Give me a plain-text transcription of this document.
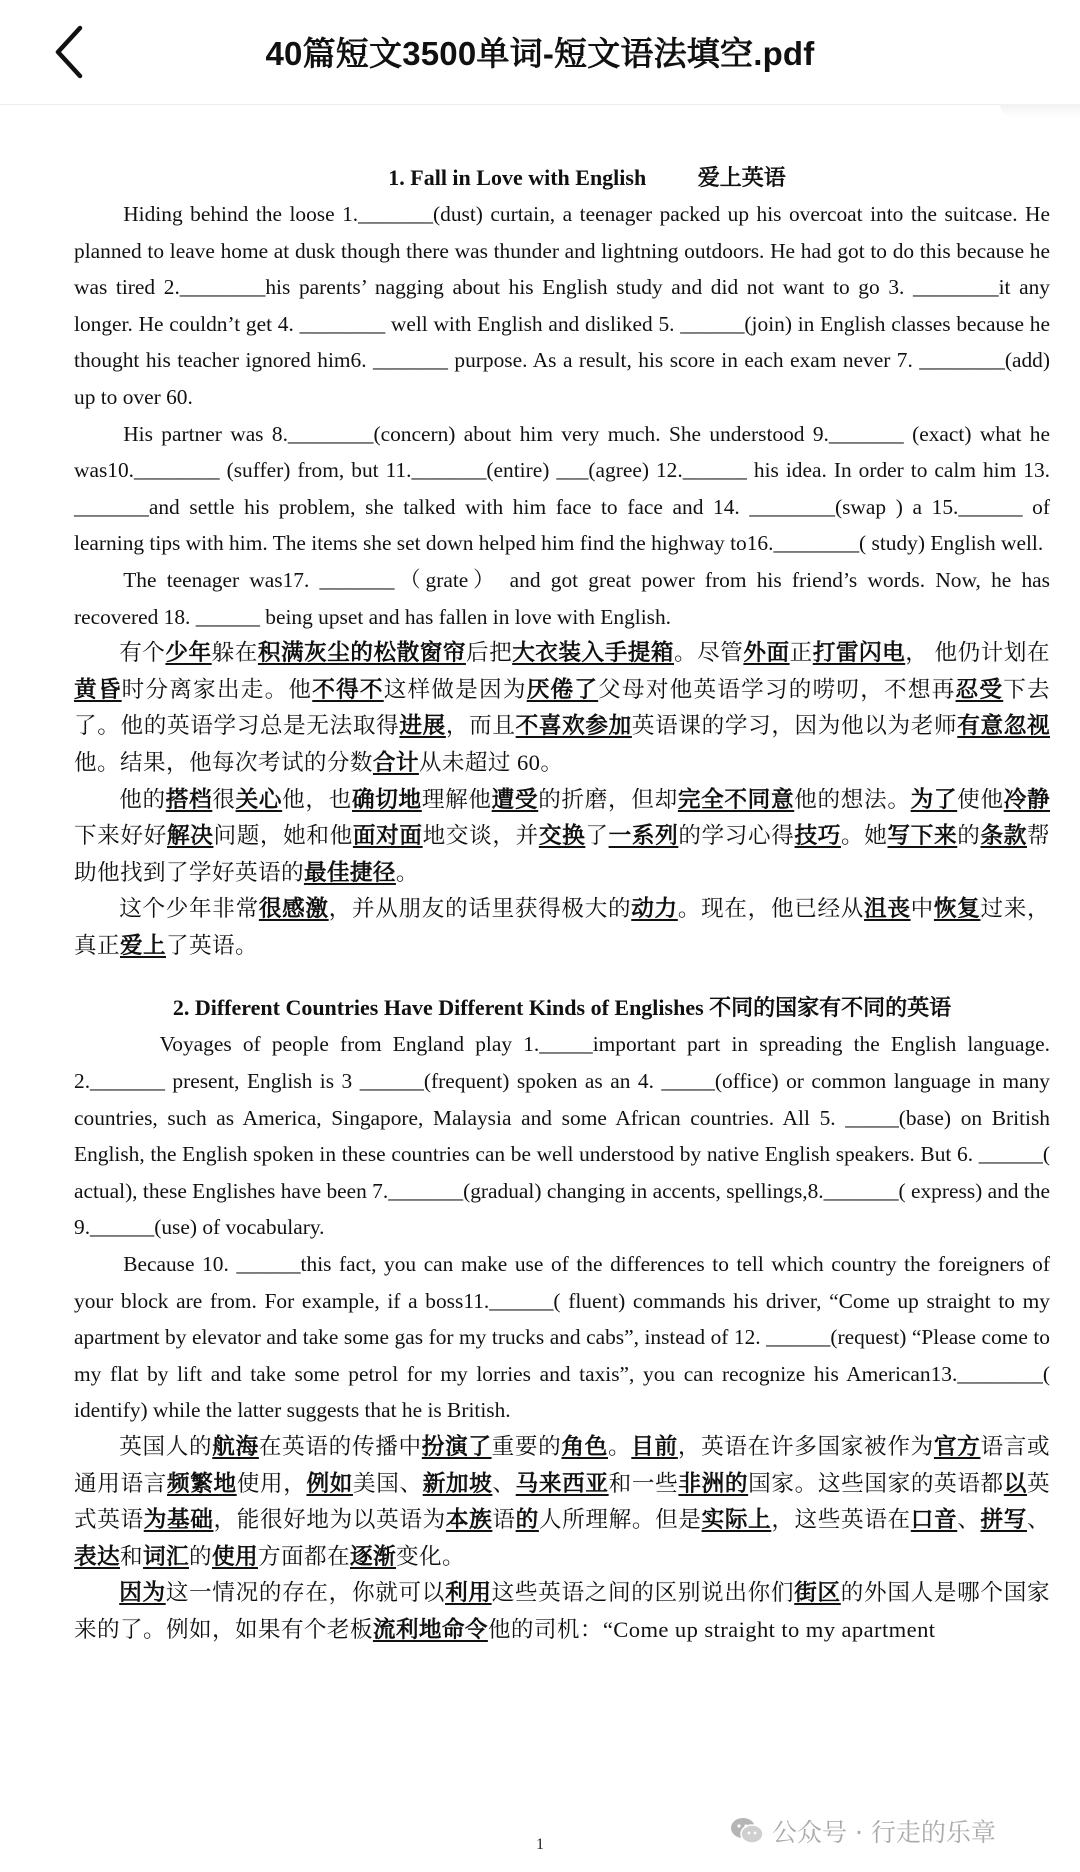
40篇短文3500单词-短文语法填空.pdf
1. Fall in Love with English 爱上英语

Hiding behind the loose 1._______(dust) curtain, a teenager packed up his overcoat into the suitcase. He planned to leave home at dusk though there was thunder and lightning outdoors. He had got to do this because he was tired 2.________his parents’ nagging about his English study and did not want to go 3. ________it any longer. He couldn’t get 4. ________ well with English and disliked 5. ______(join) in English classes because he thought his teacher ignored him6. _______ purpose. As a result, his score in each exam never 7. ________(add) up to over 60.

His partner was 8.________(concern) about him very much. She understood 9._______ (exact) what he was10.________ (suffer) from, but 11._______(entire) ___(agree) 12.______ his idea. In order to calm him 13. _______and settle his problem, she talked with him face to face and 14. ________(swap ) a 15.______ of learning tips with him. The items she set down helped him find the highway to16.________( study) English well.

The teenager was17. _______（grate） and got great power from his friend’s words. Now, he has recovered 18. ______ being upset and has fallen in love with English.

有个少年躲在积满灰尘的松散窗帘后把大衣装入手提箱。尽管外面正打雷闪电， 他仍计划在黄昏时分离家出走。他不得不这样做是因为厌倦了父母对他英语学习的唠叨，不想再忍受下去了。他的英语学习总是无法取得进展，而且不喜欢参加英语课的学习，因为他以为老师有意忽视他。结果，他每次考试的分数合计从未超过 60。

他的搭档很关心他，也确切地理解他遭受的折磨，但却完全不同意他的想法。为了使他冷静下来好好解决问题，她和他面对面地交谈，并交换了一系列的学习心得技巧。她写下来的条款帮助他找到了学好英语的最佳捷径。

这个少年非常很感激，并从朋友的话里获得极大的动力。现在，他已经从沮丧中恢复过来，真正爱上了英语。

2. Different Countries Have Different Kinds of Englishes 不同的国家有不同的英语

Voyages of people from England play 1._____important part in spreading the English language. 2._______ present, English is 3 ______(frequent) spoken as an 4. _____(office) or common language in many countries, such as America, Singapore, Malaysia and some African countries. All 5. _____(base) on British English, the English spoken in these countries can be well understood by native English speakers. But 6. ______( actual), these Englishes have been 7._______(gradual) changing in accents, spellings,8._______( express) and the 9.______(use) of vocabulary.

Because 10. ______this fact, you can make use of the differences to tell which country the foreigners of your block are from. For example, if a boss11.______( fluent) commands his driver, “Come up straight to my apartment by elevator and take some gas for my trucks and cabs”, instead of 12. ______(request) “Please come to my flat by lift and take some petrol for my lorries and taxis”, you can recognize his American13.________( identify) while the latter suggests that he is British.

英国人的航海在英语的传播中扮演了重要的角色。目前，英语在许多国家被作为官方语言或通用语言频繁地使用，例如美国、新加坡、马来西亚和一些非洲的国家。这些国家的英语都以英式英语为基础，能很好地为以英语为本族语的人所理解。但是实际上，这些英语在口音、拼写、表达和词汇的使用方面都在逐渐变化。

因为这一情况的存在，你就可以利用这些英语之间的区别说出你们街区的外国人是哪个国家来的了。例如，如果有个老板流利地命令他的司机：“Come up straight to my apartment

1	公众号 · 行走的乐章
